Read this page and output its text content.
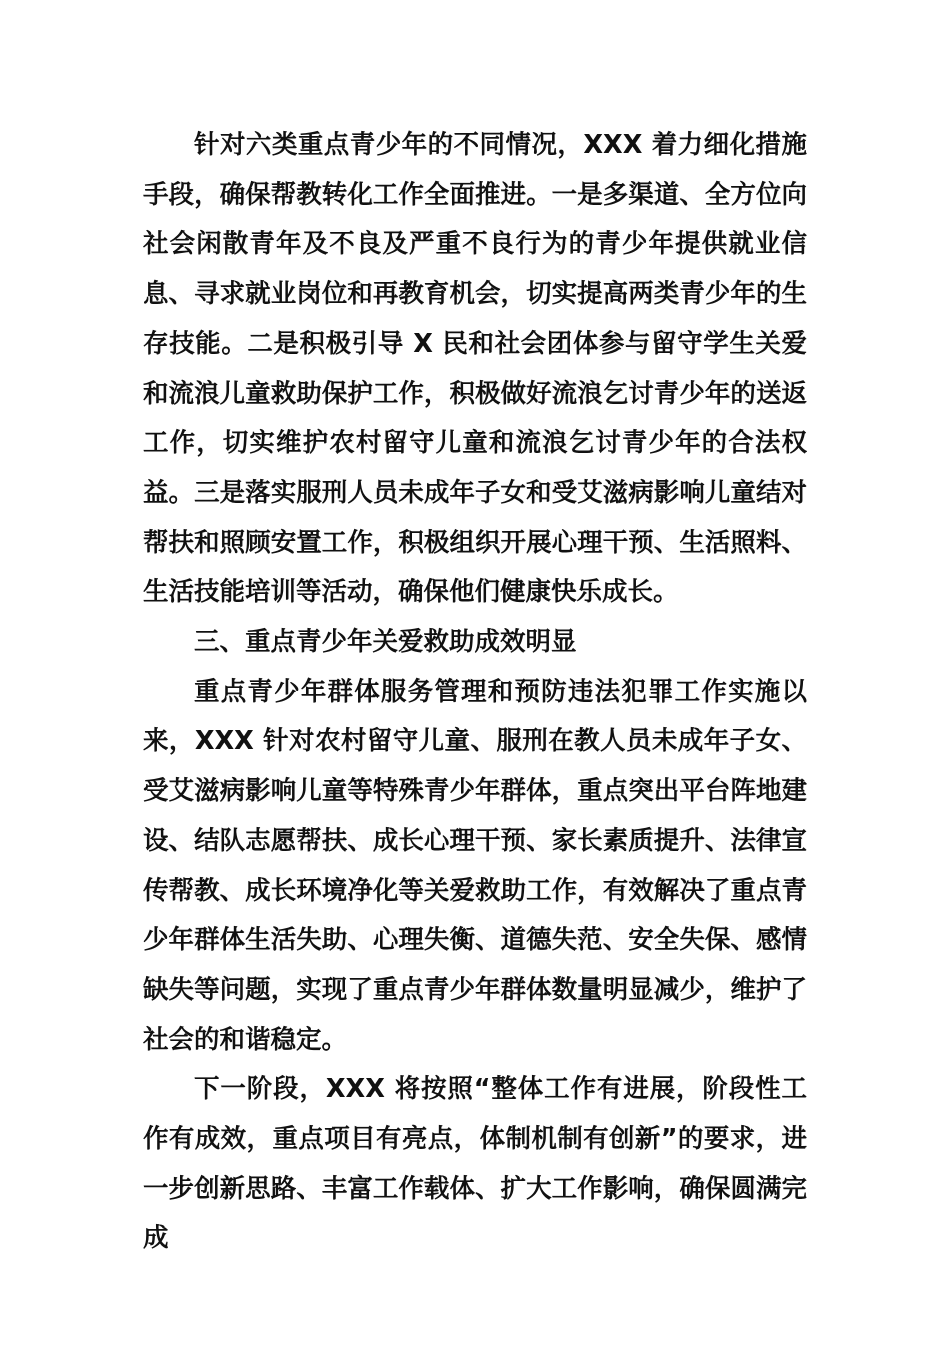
针对六类重点青少年的不同情况，XXX 着力细化措施手段，确保帮教转化工作全面推进。一是多渠道、全方位向社会闲散青年及不良及严重不良行为的青少年提供就业信息、寻求就业岗位和再教育机会，切实提高两类青少年的生存技能。二是积极引导 X 民和社会团体参与留守学生关爱和流浪儿童救助保护工作，积极做好流浪乞讨青少年的送返工作，切实维护农村留守儿童和流浪乞讨青少年的合法权益。三是落实服刑人员未成年子女和受艾滋病影响儿童结对帮扶和照顾安置工作，积极组织开展心理干预、生活照料、生活技能培训等活动，确保他们健康快乐成长。

三、重点青少年关爱救助成效明显

重点青少年群体服务管理和预防违法犯罪工作实施以来，XXX 针对农村留守儿童、服刑在教人员未成年子女、受艾滋病影响儿童等特殊青少年群体，重点突出平台阵地建设、结队志愿帮扶、成长心理干预、家长素质提升、法律宣传帮教、成长环境净化等关爱救助工作，有效解决了重点青少年群体生活失助、心理失衡、道德失范、安全失保、感情缺失等问题，实现了重点青少年群体数量明显减少，维护了社会的和谐稳定。

下一阶段，XXX 将按照“整体工作有进展，阶段性工作有成效，重点项目有亮点，体制机制有创新”的要求，进一步创新思路、丰富工作载体、扩大工作影响，确保圆满完成
